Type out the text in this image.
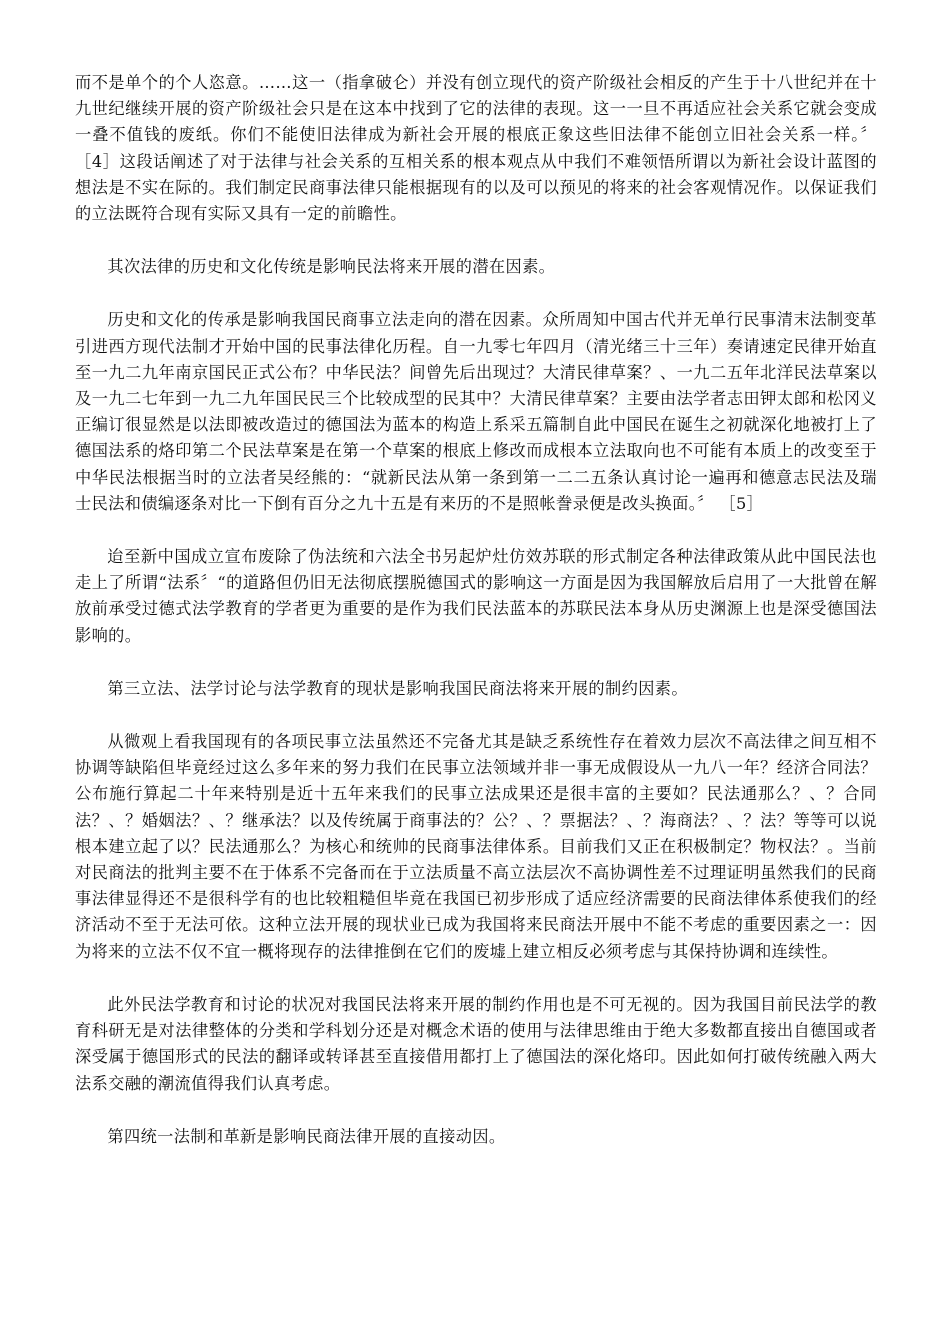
而不是单个的个人恣意。……这一（指拿破仑）并没有创立现代的资产阶级社会相反的产生于十八世纪并在十九世纪继续开展的资产阶级社会只是在这本中找到了它的法律的表现。这一一旦不再适应社会关系它就会变成一叠不值钱的废纸。你们不能使旧法律成为新社会开展的根底正象这些旧法律不能创立旧社会关系一样。〞 ［4］这段话阐述了对于法律与社会关系的互相关系的根本观点从中我们不难领悟所谓以为新社会设计蓝图的想法是不实在际的。我们制定民商事法律只能根据现有的以及可以预见的将来的社会客观情况作。以保证我们的立法既符合现有实际又具有一定的前瞻性。

其次法律的历史和文化传统是影响民法将来开展的潜在因素。

历史和文化的传承是影响我国民商事立法走向的潜在因素。众所周知中国古代并无单行民事清末法制变革引进西方现代法制才开始中国的民事法律化历程。自一九零七年四月（清光绪三十三年）奏请速定民律开始直至一九二九年南京国民正式公布？中华民法？间曾先后出现过？大清民律草案？、一九二五年北洋民法草案以及一九二七年到一九二九年国民民三个比较成型的民其中？大清民律草案？主要由法学者志田钾太郎和松冈义正编订很显然是以法即被改造过的德国法为蓝本的构造上系采五篇制自此中国民在诞生之初就深化地被打上了德国法系的烙印第二个民法草案是在第一个草案的根底上修改而成根本立法取向也不可能有本质上的改变至于中华民法根据当时的立法者吴经熊的：“就新民法从第一条到第一二二五条认真讨论一遍再和德意志民法及瑞士民法和债编逐条对比一下倒有百分之九十五是有来历的不是照帐誊录便是改头换面。〞 ［5］

迨至新中国成立宣布废除了伪法统和六法全书另起炉灶仿效苏联的形式制定各种法律政策从此中国民法也走上了所谓“法系〞“的道路但仍旧无法彻底摆脱德国式的影响这一方面是因为我国解放后启用了一大批曾在解放前承受过德式法学教育的学者更为重要的是作为我们民法蓝本的苏联民法本身从历史渊源上也是深受德国法影响的。

第三立法、法学讨论与法学教育的现状是影响我国民商法将来开展的制约因素。

从微观上看我国现有的各项民事立法虽然还不完备尤其是缺乏系统性存在着效力层次不高法律之间互相不协调等缺陷但毕竟经过这么多年来的努力我们在民事立法领域并非一事无成假设从一九八一年？经济合同法？公布施行算起二十年来特别是近十五年来我们的民事立法成果还是很丰富的主要如？民法通那么？、？合同法？、？婚姻法？、？继承法？以及传统属于商事法的？公？、？票据法？、？海商法？、？法？等等可以说根本建立起了以？民法通那么？为核心和统帅的民商事法律体系。目前我们又正在积极制定？物权法？。当前对民商法的批判主要不在于体系不完备而在于立法质量不高立法层次不高协调性差不过理证明虽然我们的民商事法律显得还不是很科学有的也比较粗糙但毕竟在我国已初步形成了适应经济需要的民商法律体系使我们的经济活动不至于无法可依。这种立法开展的现状业已成为我国将来民商法开展中不能不考虑的重要因素之一：因为将来的立法不仅不宜一概将现存的法律推倒在它们的废墟上建立相反必须考虑与其保持协调和连续性。

此外民法学教育和讨论的状况对我国民法将来开展的制约作用也是不可无视的。因为我国目前民法学的教育科研无是对法律整体的分类和学科划分还是对概念术语的使用与法律思维由于绝大多数都直接出自德国或者深受属于德国形式的民法的翻译或转译甚至直接借用都打上了德国法的深化烙印。因此如何打破传统融入两大法系交融的潮流值得我们认真考虑。

第四统一法制和革新是影响民商法律开展的直接动因。
